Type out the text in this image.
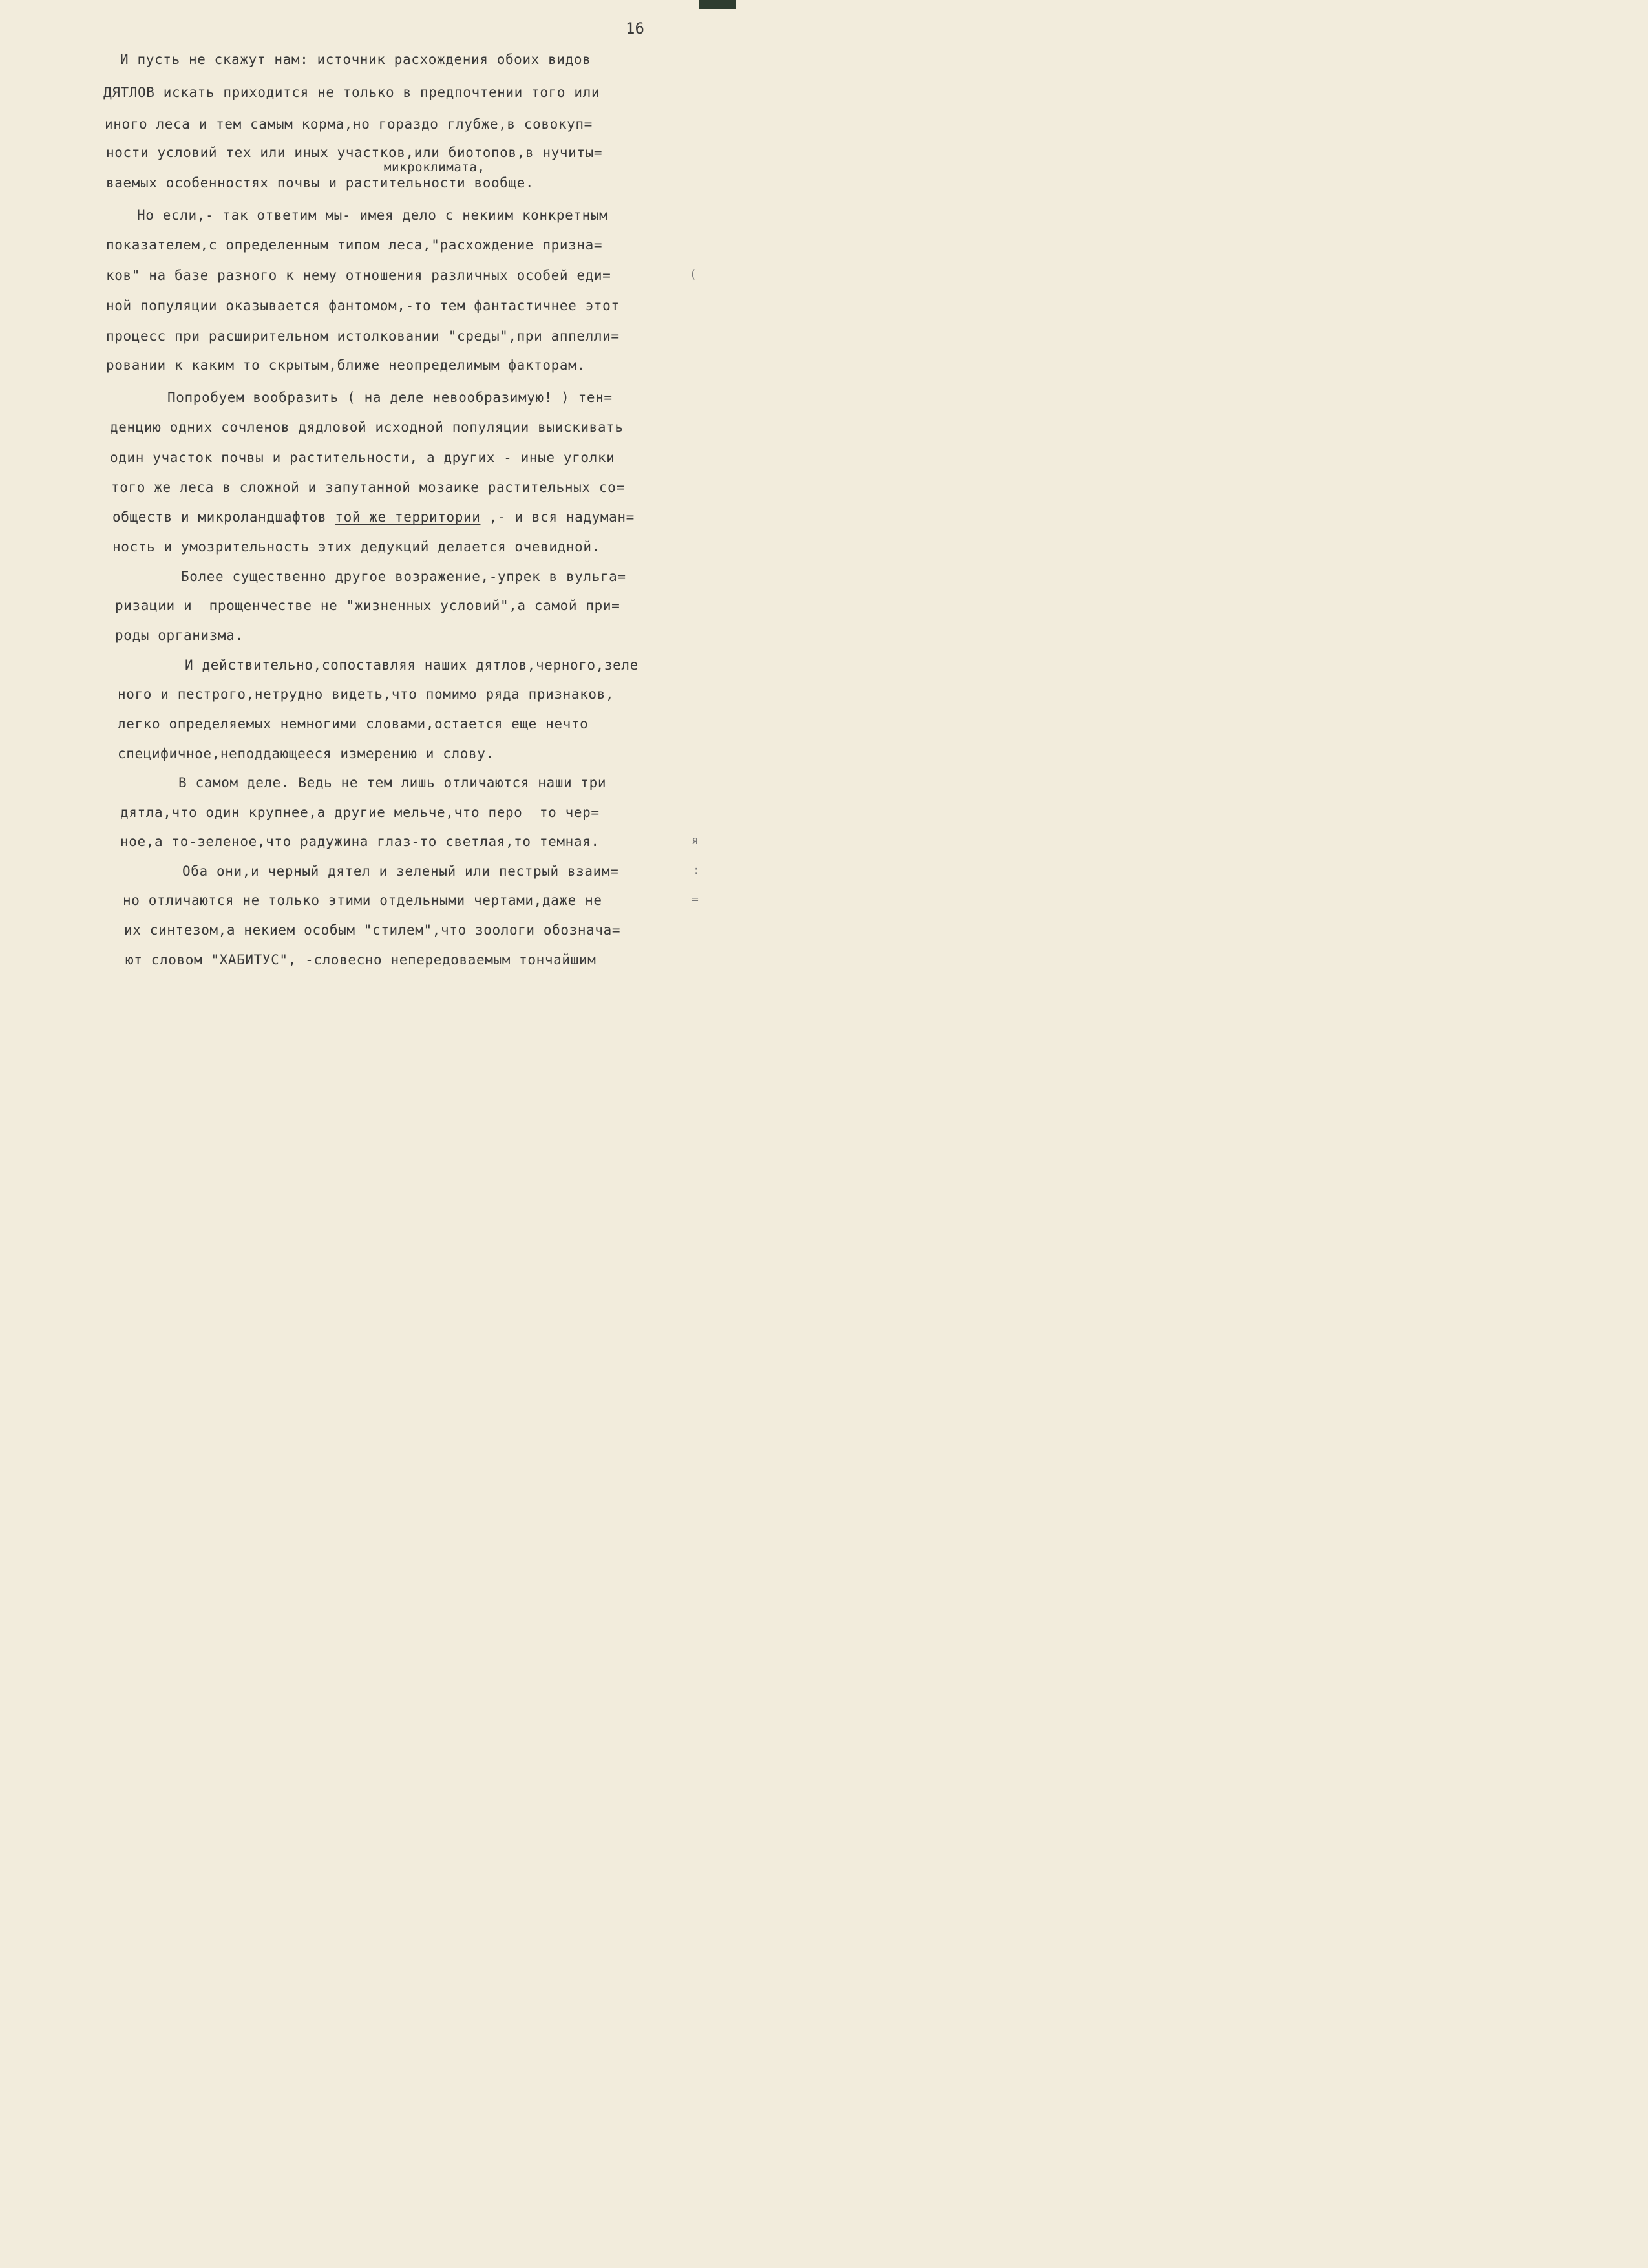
16
И пусть не скажут нам: источник расхождения обоих видов
ДЯТЛОВ искать приходится не только в предпочтении того или
иного леса и тем самым корма,но гораздо глубже,в совокуп=
ности условий тех или иных участков,или биотопов,в нучиты=
микроклимата,
ваемых особенностях почвы и растительности вообще.
Но если,- так ответим мы- имея дело с некиим конкретным
показателем,с определенным типом леса,"расхождение призна=
ков" на базе разного к нему отношения различных особей еди=
ной популяции оказывается фантомом,-то тем фантастичнее этот
процесс при расширительном истолковании "среды",при аппелли=
ровании к каким то скрытым,ближе неопределимым факторам.
Попробуем вообразить ( на деле невообразимую! ) тен=
денцию одних сочленов дядловой исходной популяции выискивать
один участок почвы и растительности, а других - иные уголки
того же леса в сложной и запутанной мозаике растительных со=
обществ и микроландшафтов той же территории ,- и вся надуман=
ность и умозрительность этих дедукций делается очевидной.
Более существенно другое возражение,-упрек в вульга=
ризации и  прощенчестве не "жизненных условий",а самой при=
роды организма.
И действительно,сопоставляя наших дятлов,черного,зеле
ного и пестрого,нетрудно видеть,что помимо ряда признаков,
легко определяемых немногими словами,остается еще нечто
специфичное,неподдающееся измерению и слову.
В самом деле. Ведь не тем лишь отличаются наши три
дятла,что один крупнее,а другие мельче,что перо  то чер=
ное,а то-зеленое,что радужина глаз-то светлая,то темная.
Оба они,и черный дятел и зеленый или пестрый взаим=
но отличаются не только этими отдельными чертами,даже не
их синтезом,а некием особым "стилем",что зоологи обознача=
ют словом "ХАБИТУС", -словесно непередоваемым тончайшим
(
я
:
=
